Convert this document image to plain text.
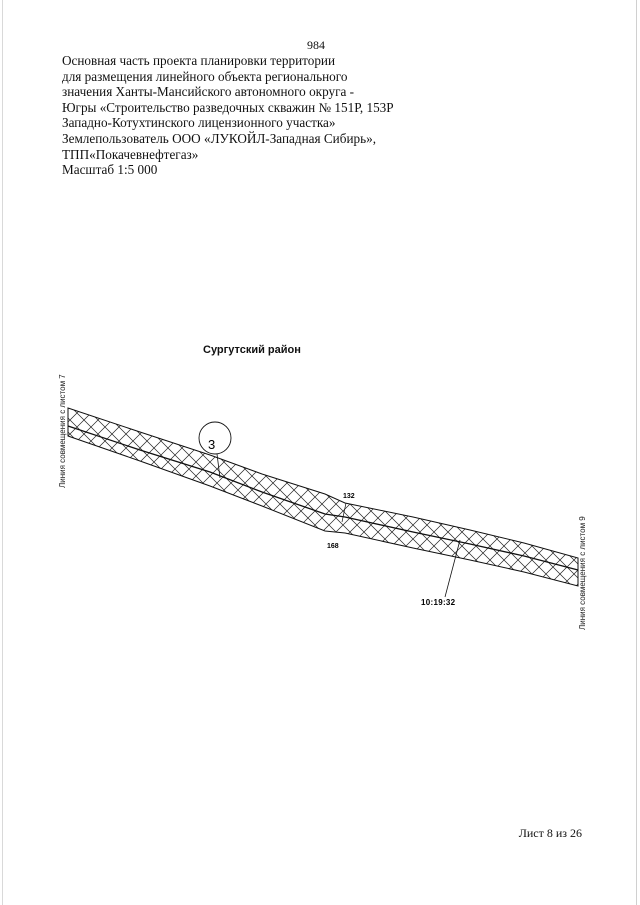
984
Основная часть проекта планировки территории
для размещения линейного объекта регионального
значения Ханты-Мансийского автономного округа -
Югры «Строительство разведочных скважин № 151Р, 153Р
Западно-Котухтинского лицензионного участка»
Землепользователь ООО «ЛУКОЙЛ-Западная Сибирь»,
ТПП«Покачевнефтегаз»
Масштаб 1:5 000
Сургутский район
Линия совмещения с листом 7
Линия совмещения с листом 9
3
132
168
10:19:32
Лист 8 из 26
